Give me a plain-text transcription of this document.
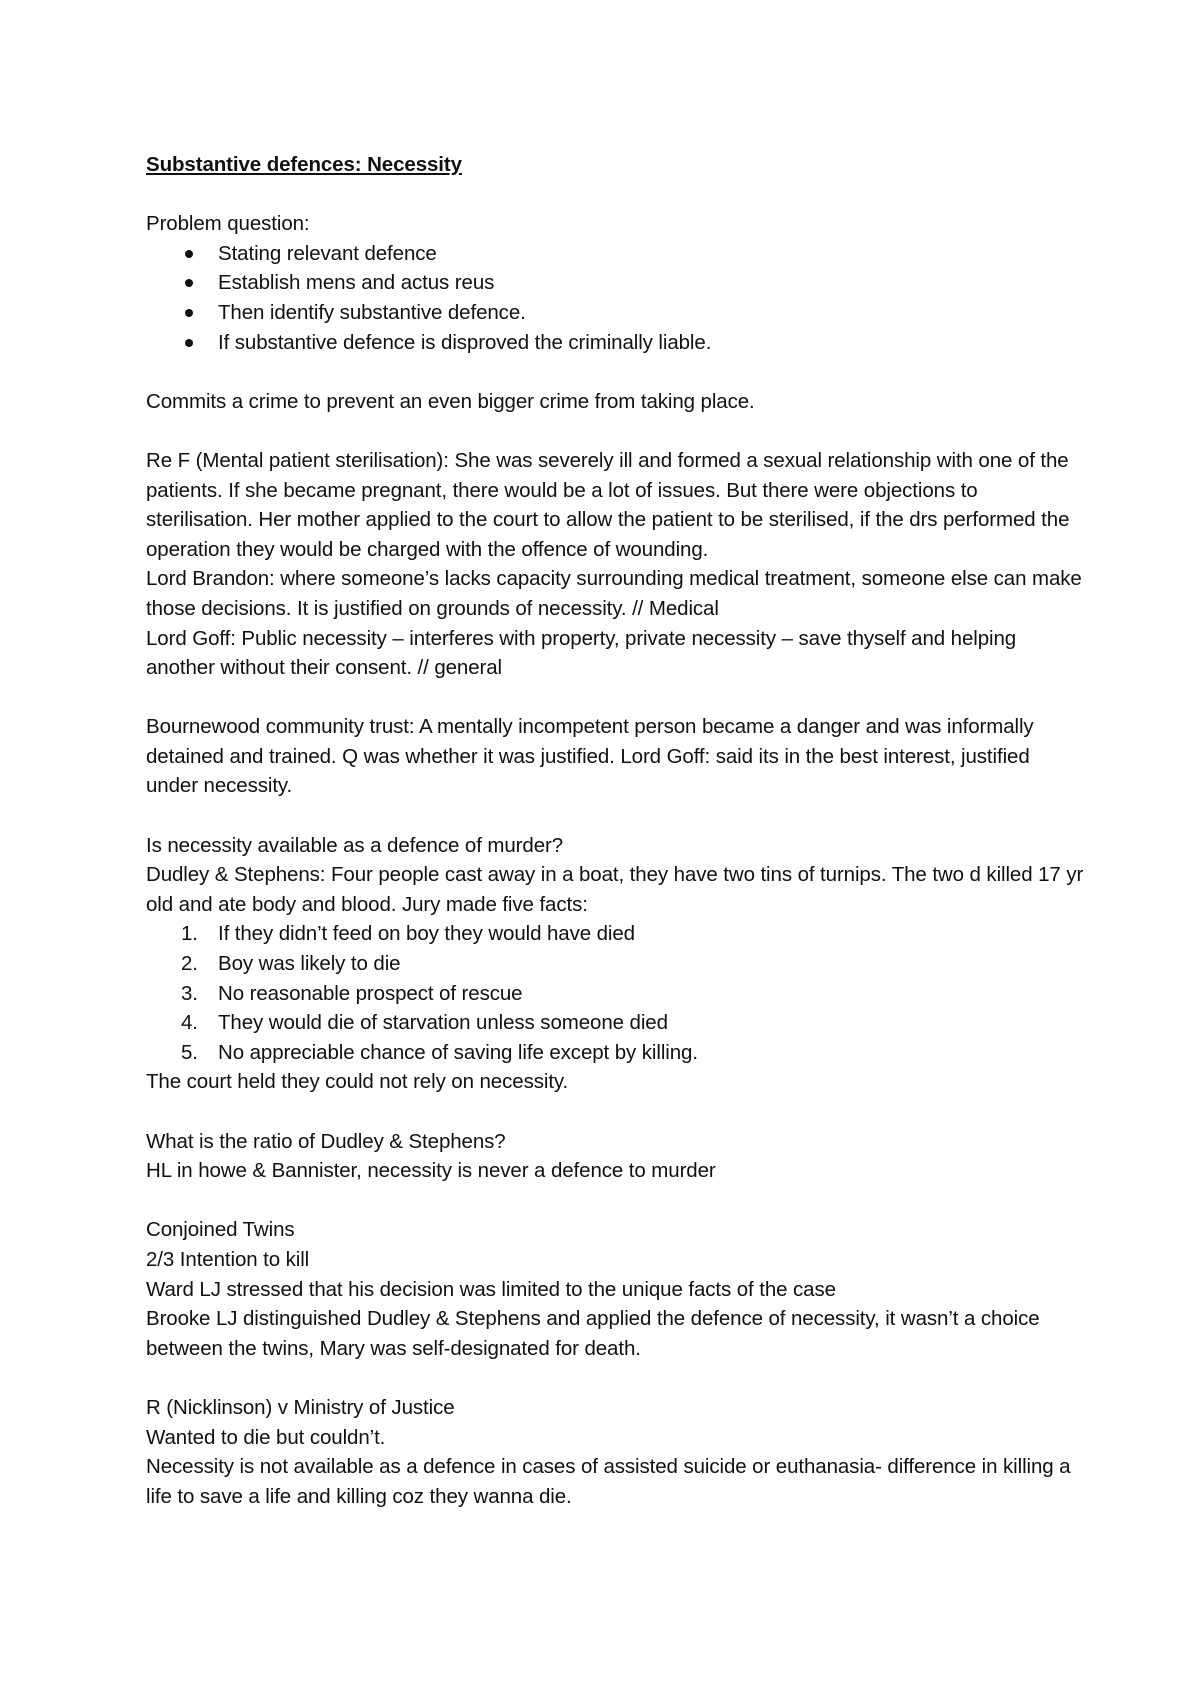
Substantive defences: Necessity

Problem question:

Stating relevant defence
Establish mens and actus reus
Then identify substantive defence.
If substantive defence is disproved the criminally liable.

Commits a crime to prevent an even bigger crime from taking place.

Re F (Mental patient sterilisation): She was severely ill and formed a sexual relationship with one of the patients. If she became pregnant, there would be a lot of issues. But there were objections to sterilisation. Her mother applied to the court to allow the patient to be sterilised, if the drs performed the operation they would be charged with the offence of wounding.

Lord Brandon: where someone’s lacks capacity surrounding medical treatment, someone else can make those decisions. It is justified on grounds of necessity. // Medical

Lord Goff: Public necessity – interferes with property, private necessity – save thyself and helping another without their consent. // general

Bournewood community trust: A mentally incompetent person became a danger and was informally detained and trained. Q was whether it was justified. Lord Goff: said its in the best interest, justified under necessity.

Is necessity available as a defence of murder?

Dudley & Stephens: Four people cast away in a boat, they have two tins of turnips. The two d killed 17 yr old and ate body and blood. Jury made five facts:

1. If they didn’t feed on boy they would have died
2. Boy was likely to die
3. No reasonable prospect of rescue
4. They would die of starvation unless someone died
5. No appreciable chance of saving life except by killing.

The court held they could not rely on necessity.

What is the ratio of Dudley & Stephens?

HL in howe & Bannister, necessity is never a defence to murder

Conjoined Twins

2/3 Intention to kill

Ward LJ stressed that his decision was limited to the unique facts of the case

Brooke LJ distinguished Dudley & Stephens and applied the defence of necessity, it wasn’t a choice between the twins, Mary was self-designated for death.

R (Nicklinson) v Ministry of Justice

Wanted to die but couldn’t.

Necessity is not available as a defence in cases of assisted suicide or euthanasia- difference in killing a life to save a life and killing coz they wanna die.
